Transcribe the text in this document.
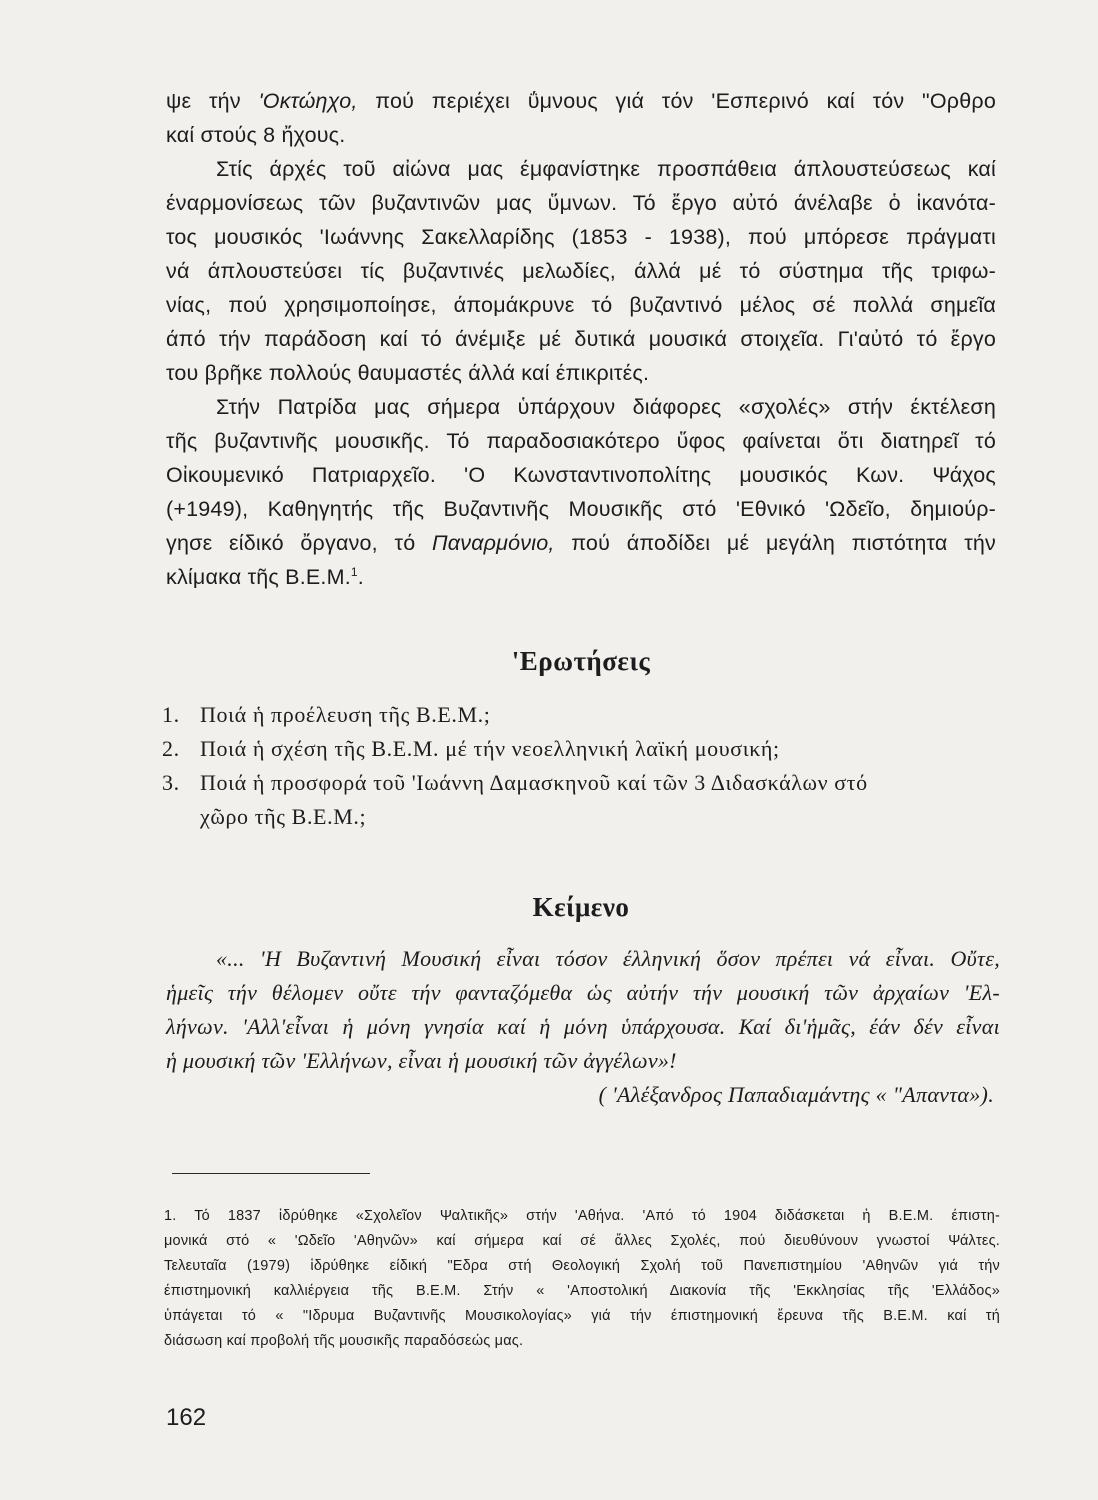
ψε τήν 'Οκτώηχο, πού περιέχει ΰμνους γιά τόν 'Εσπερινό καί τόν "Ορθρο
καί στούς 8 ἤχους.
Στίς άρχές τοῦ αἰώνα μας έμφανίστηκε προσπάθεια άπλουστεύσεως καί
έναρμονίσεως τῶν βυζαντινῶν μας ὕμνων. Τό ἔργο αὐτό άνέλαβε ὁ ἱκανότα-
τος μουσικός 'Ιωάννης Σακελλαρίδης (1853 - 1938), πού μπόρεσε πράγματι
νά άπλουστεύσει τίς βυζαντινές μελωδίες, άλλά μέ τό σύστημα τῆς τριφω-
νίας, πού χρησιμοποίησε, άπομάκρυνε τό βυζαντινό μέλος σέ πολλά σημεῖα
άπό τήν παράδοση καί τό άνέμιξε μέ δυτικά μουσικά στοιχεῖα. Γι'αὐτό τό ἔργο
του βρῆκε πολλούς θαυμαστές άλλά καί έπικριτές.
Στήν Πατρίδα μας σήμερα ὑπάρχουν διάφορες «σχολές» στήν έκτέλεση
τῆς βυζαντινῆς μουσικῆς. Τό παραδοσιακότερο ὕφος φαίνεται ὅτι διατηρεῖ τό
Οἰκουμενικό Πατριαρχεῖο. 'Ο Κωνσταντινοπολίτης μουσικός Κων. Ψάχος
(+1949), Καθηγητής τῆς Βυζαντινῆς Μουσικῆς στό 'Εθνικό 'Ωδεῖο, δημιούρ-
γησε είδικό ὄργανο, τό Παναρμόνιο, πού άποδίδει μέ μεγάλη πιστότητα τήν
κλίμακα τῆς Β.Ε.Μ.$^1$.
'Ερωτήσεις
1. Ποιά ἡ προέλευση τῆς Β.Ε.Μ.;
2. Ποιά ἡ σχέση τῆς Β.Ε.Μ. μέ τήν νεοελληνική λαϊκή μουσική;
3. Ποιά ἡ προσφορά τοῦ 'Ιωάννη Δαμασκηνοῦ καί τῶν 3 Διδασκάλων στό
χῶρο τῆς Β.Ε.Μ.;
Κείμενο
«... 'Η Βυζαντινή Μουσική εἶναι τόσον έλληνική ὅσον πρέπει νά εἶναι. Οὔτε,
ἡμεῖς τήν θέλομεν οὔτε τήν φανταζόμεθα ὡς αὐτήν τήν μουσική τῶν ἀρχαίων 'Ελ-
λήνων. 'Αλλ'εἶναι ἡ μόνη γνησία καί ἡ μόνη ὑπάρχουσα. Καί δι'ἡμᾶς, έάν δέν εἶναι
ἡ μουσική τῶν 'Ελλήνων, εἶναι ἡ μουσική τῶν ἀγγέλων»!
( 'Αλέξανδρος Παπαδιαμάντης « "Απαντα»).
1. Τό 1837 ἱδρύθηκε «Σχολεῖον Ψαλτικῆς» στήν 'Αθήνα. 'Από τό 1904 διδάσκεται ἡ Β.Ε.Μ. έπιστη-
μονικά στό « 'Ωδεῖο 'Αθηνῶν» καί σήμερα καί σέ ἄλλες Σχολές, πού διευθύνουν γνωστοί Ψάλτες.
Τελευταῖα (1979) ἱδρύθηκε είδική "Εδρα στή Θεολογική Σχολή τοῦ Πανεπιστημίου 'Αθηνῶν γιά τήν
έπιστημονική καλλιέργεια τῆς Β.Ε.Μ. Στήν « 'Αποστολική Διακονία τῆς 'Εκκλησίας τῆς 'Ελλάδος»
ὑπάγεται τό « "Ιδρυμα Βυζαντινῆς Μουσικολογίας» γιά τήν έπιστημονική ἔρευνα τῆς Β.Ε.Μ. καί τή
διάσωση καί προβολή τῆς μουσικῆς παραδόσεώς μας.
162
